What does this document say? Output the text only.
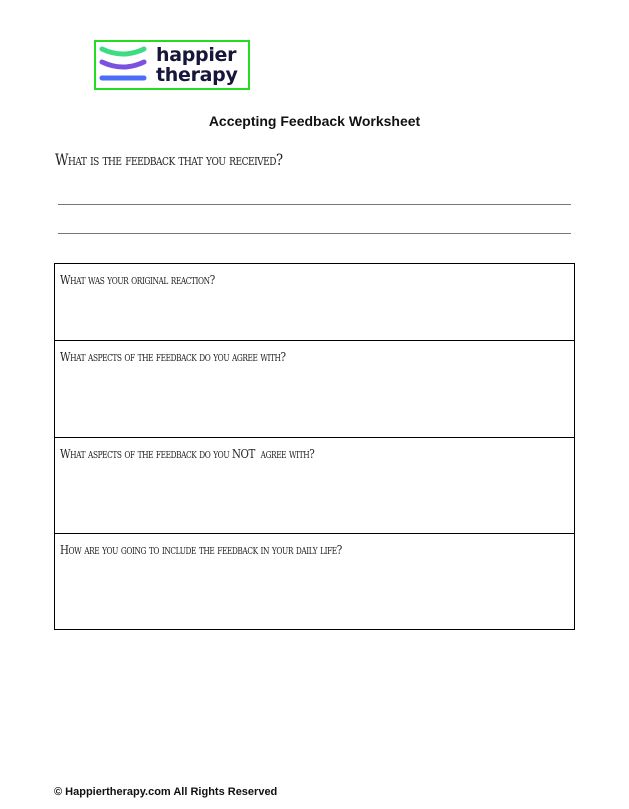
happier
therapy
Accepting Feedback Worksheet
What is the feedback that you received?
What was your original reaction?
What aspects of the feedback do you agree with?
What aspects of the feedback do you NOT  agree with?
How are you going to include the feedback in your daily life?
© Happiertherapy.com All Rights Reserved
